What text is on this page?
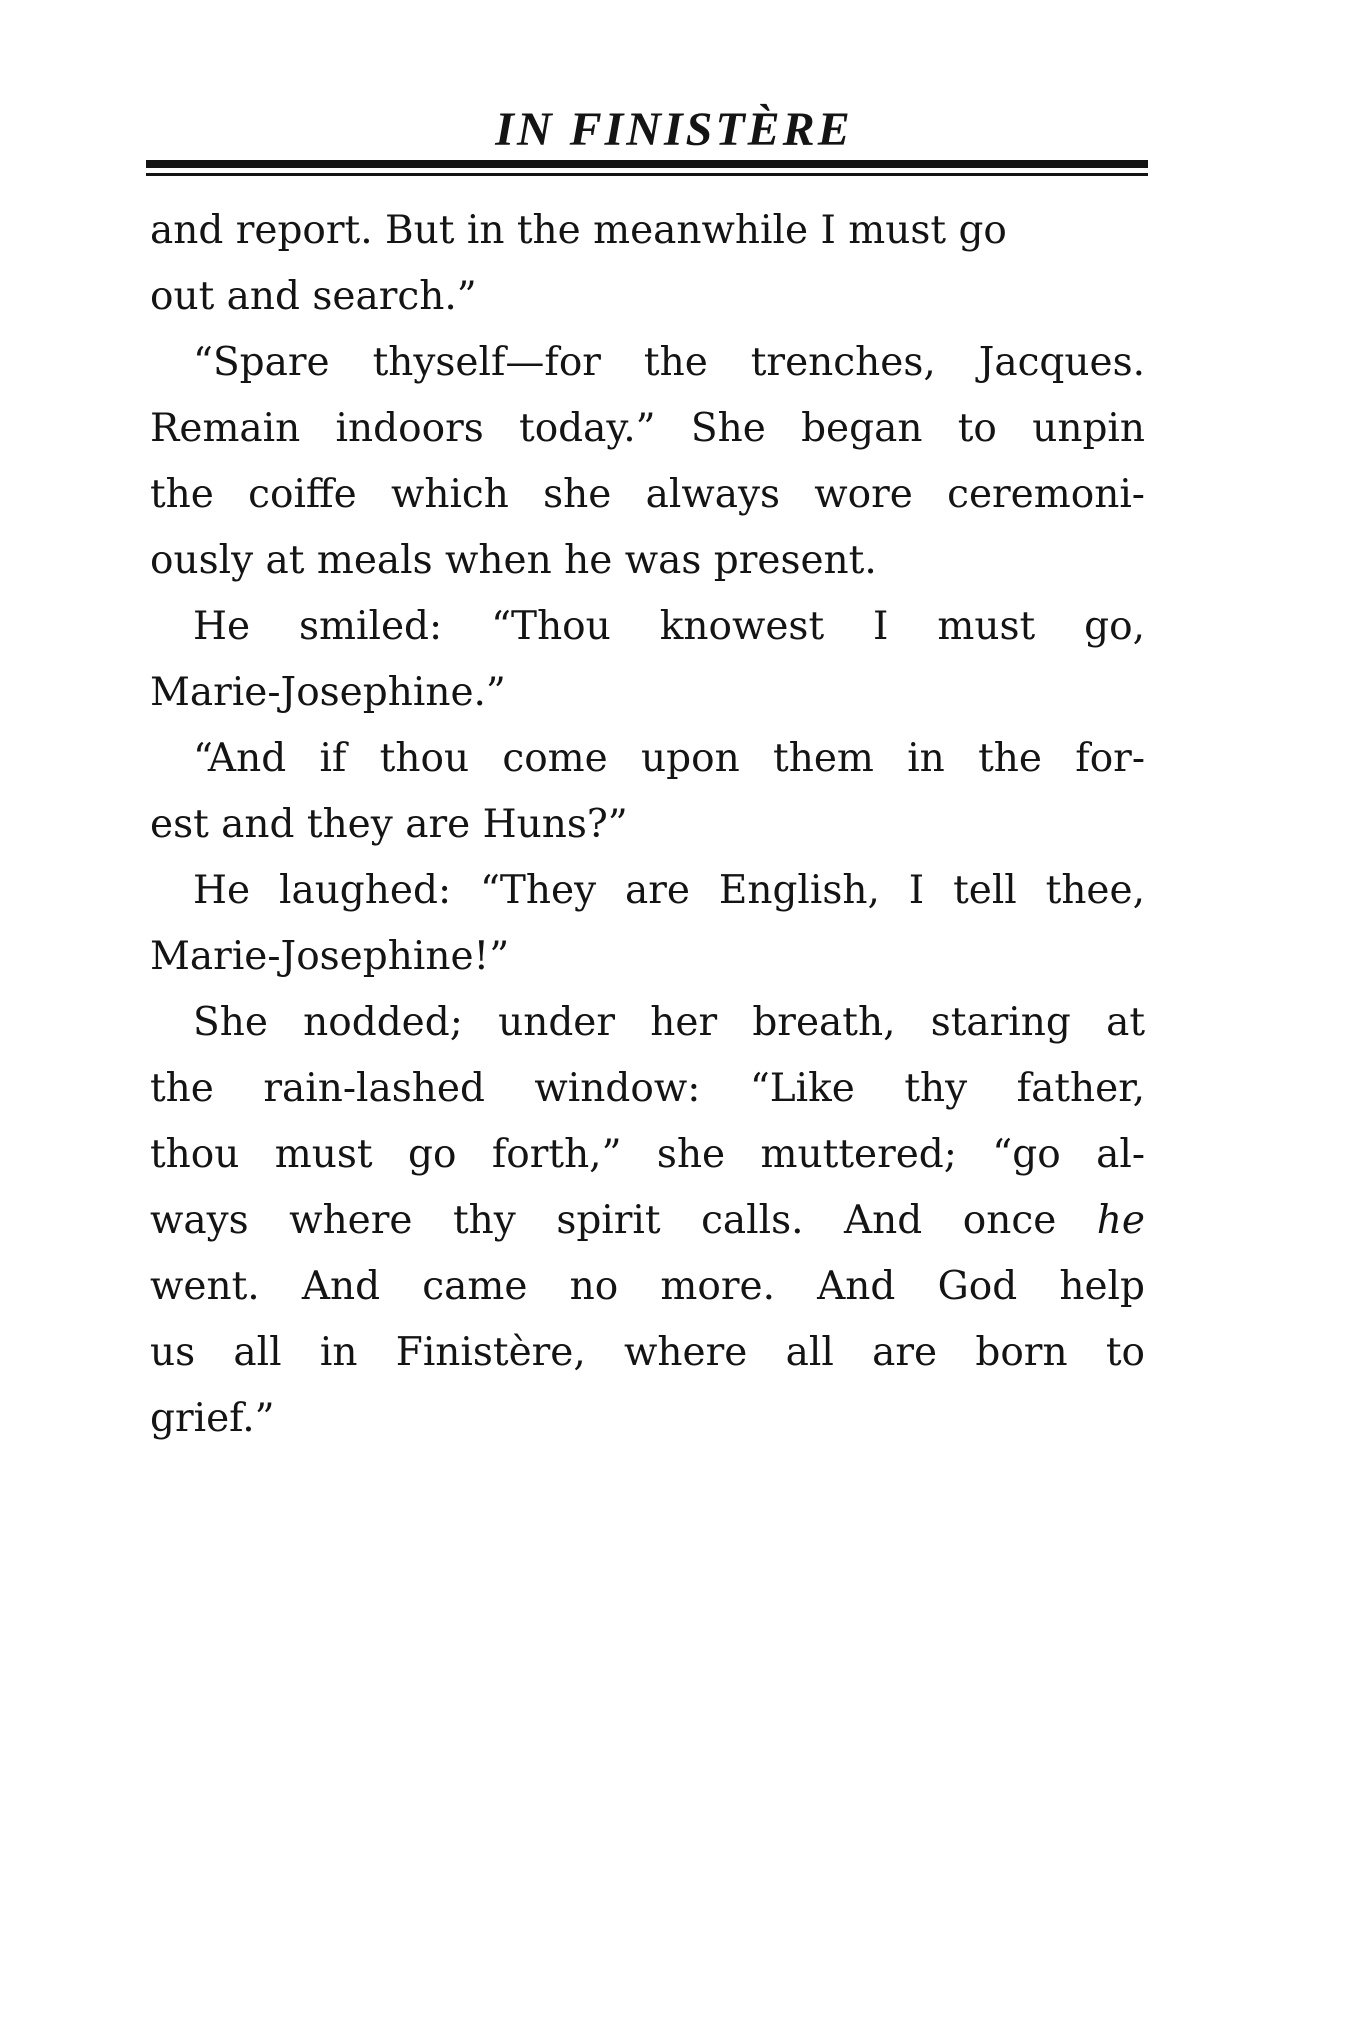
IN FINISTÈRE
and report. But in the meanwhile I must go
out and search.”
“Spare thyself—for the trenches, Jacques.
Remain indoors today.” She began to unpin
the coiffe which she always wore ceremoni-
ously at meals when he was present.
He smiled: “Thou knowest I must go,
Marie-Josephine.”
“And if thou come upon them in the for-
est and they are Huns?”
He laughed: “They are English, I tell thee,
Marie-Josephine!”
She nodded; under her breath, staring at
the rain-lashed window: “Like thy father,
thou must go forth,” she muttered; “go al-
ways where thy spirit calls. And once he
went. And came no more. And God help
us all in Finistère, where all are born to
grief.”
